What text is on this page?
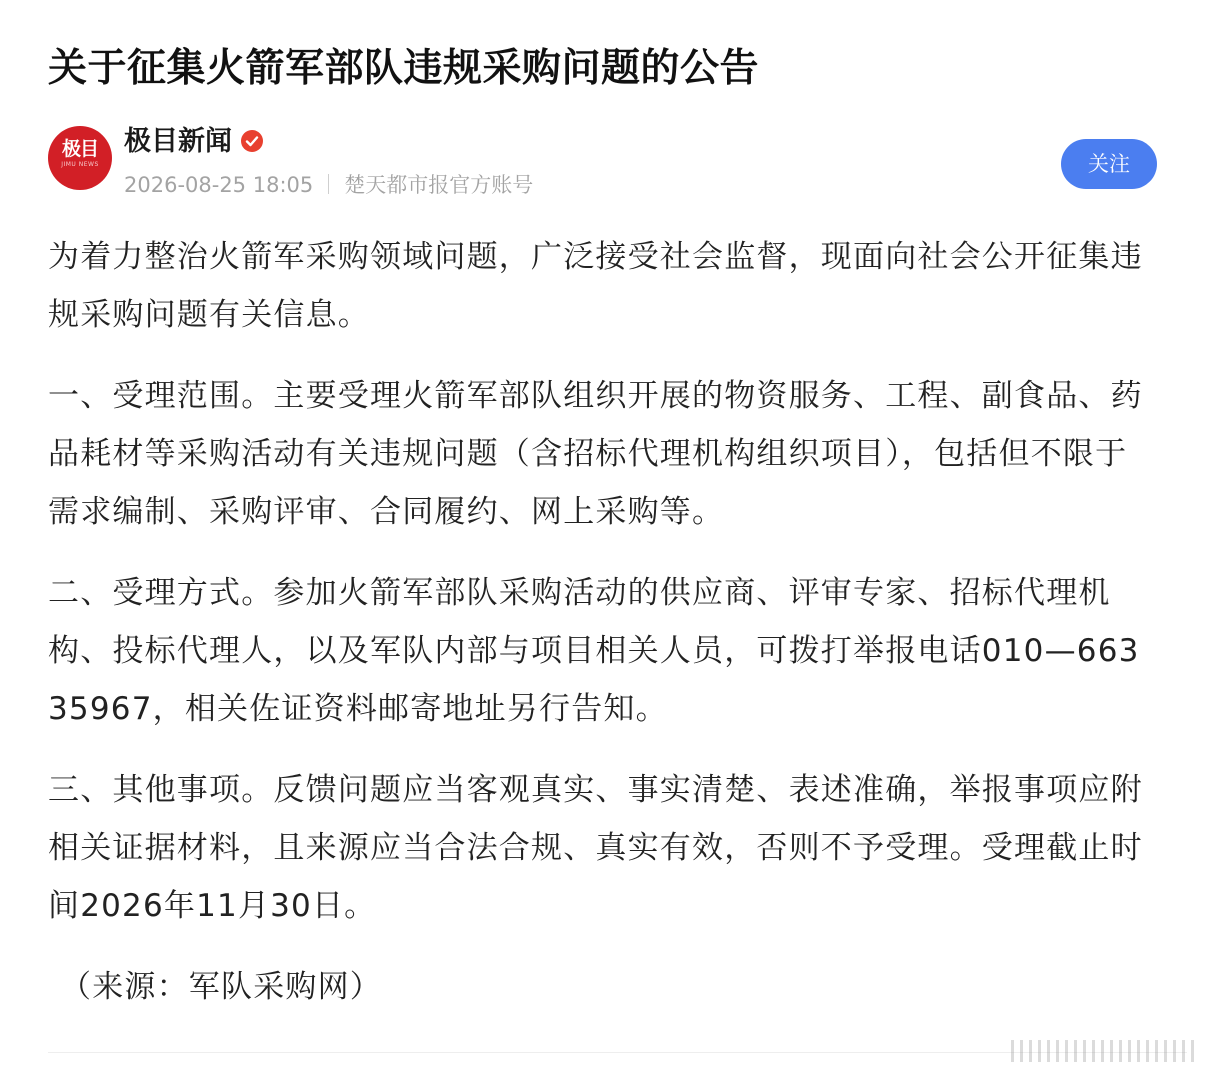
关于征集火箭军部队违规采购问题的公告
极目
JIMU NEWS
极目新闻
2026-08-25 18:05 楚天都市报官方账号
关注

为着力整治火箭军采购领域问题，广泛接受社会监督，现面向社会公开征集违规采购问题有关信息。

一、受理范围。主要受理火箭军部队组织开展的物资服务、工程、副食品、药品耗材等采购活动有关违规问题（含招标代理机构组织项目），包括但不限于需求编制、采购评审、合同履约、网上采购等。

二、受理方式。参加火箭军部队采购活动的供应商、评审专家、招标代理机构、投标代理人，以及军队内部与项目相关人员，可拨打举报电话010—66335967，相关佐证资料邮寄地址另行告知。

三、其他事项。反馈问题应当客观真实、事实清楚、表述准确，举报事项应附相关证据材料，且来源应当合法合规、真实有效，否则不予受理。受理截止时间2026年11月30日。

（来源：军队采购网）
